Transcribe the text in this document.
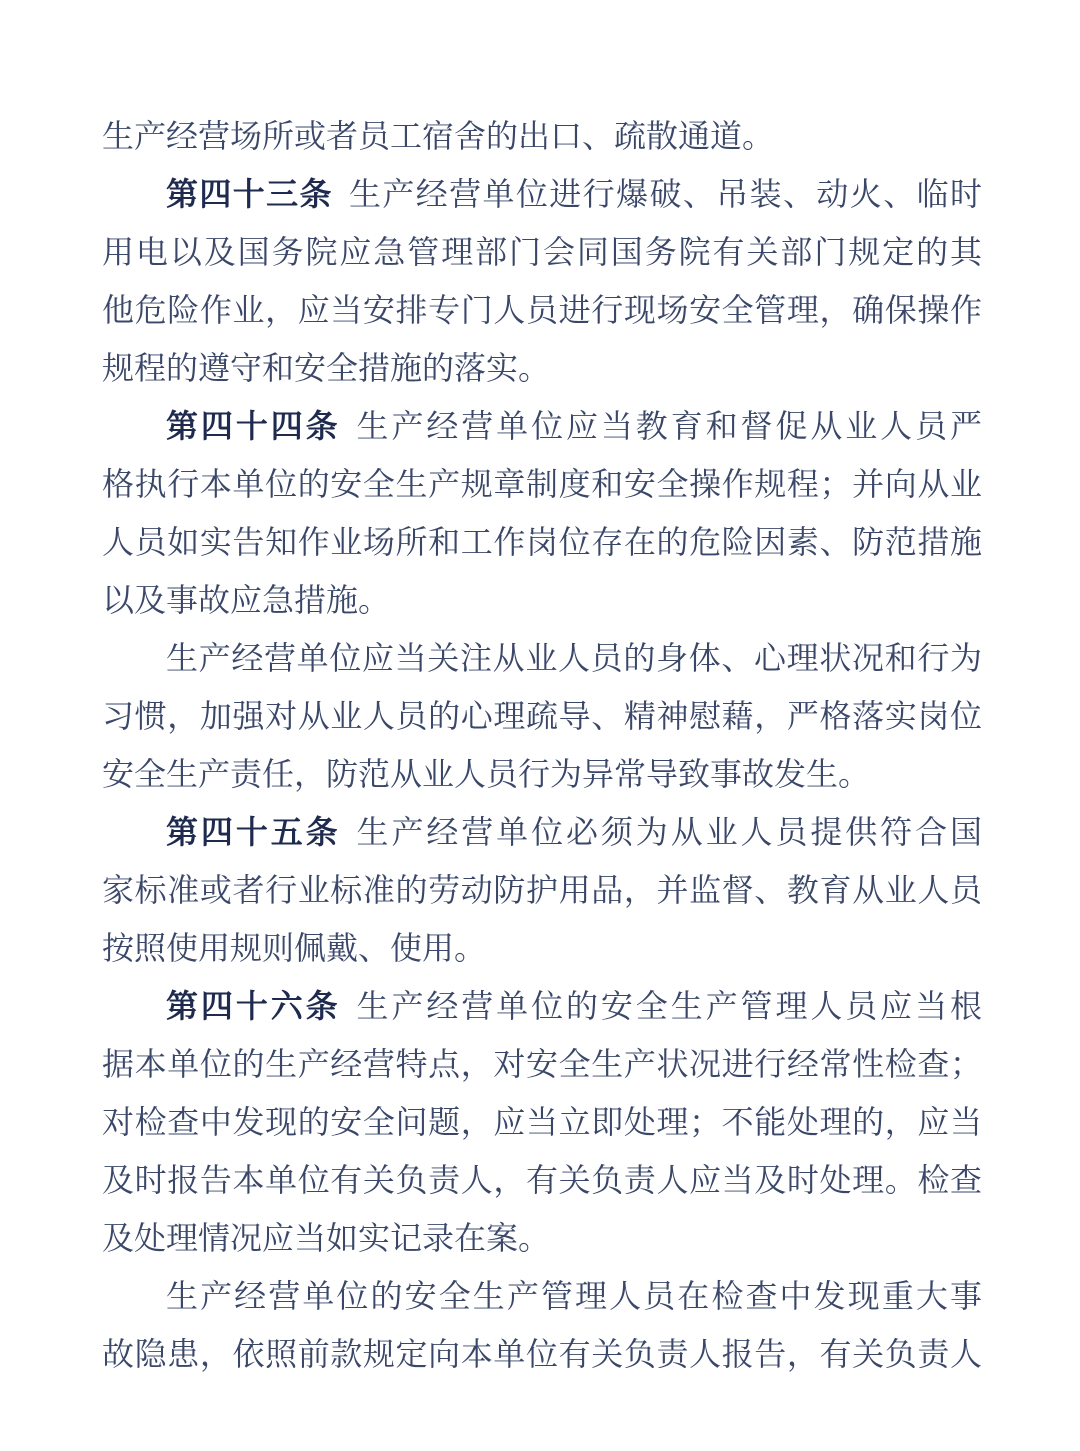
生产经营场所或者员工宿舍的出口、疏散通道。
第四十三条 生产经营单位进行爆破、吊装、动火、临时
用电以及国务院应急管理部门会同国务院有关部门规定的其
他危险作业，应当安排专门人员进行现场安全管理，确保操作
规程的遵守和安全措施的落实。
第四十四条 生产经营单位应当教育和督促从业人员严
格执行本单位的安全生产规章制度和安全操作规程；并向从业
人员如实告知作业场所和工作岗位存在的危险因素、防范措施
以及事故应急措施。
生产经营单位应当关注从业人员的身体、心理状况和行为
习惯，加强对从业人员的心理疏导、精神慰藉，严格落实岗位
安全生产责任，防范从业人员行为异常导致事故发生。
第四十五条 生产经营单位必须为从业人员提供符合国
家标准或者行业标准的劳动防护用品，并监督、教育从业人员
按照使用规则佩戴、使用。
第四十六条 生产经营单位的安全生产管理人员应当根
据本单位的生产经营特点，对安全生产状况进行经常性检查；
对检查中发现的安全问题，应当立即处理；不能处理的，应当
及时报告本单位有关负责人，有关负责人应当及时处理。检查
及处理情况应当如实记录在案。
生产经营单位的安全生产管理人员在检查中发现重大事
故隐患，依照前款规定向本单位有关负责人报告，有关负责人
